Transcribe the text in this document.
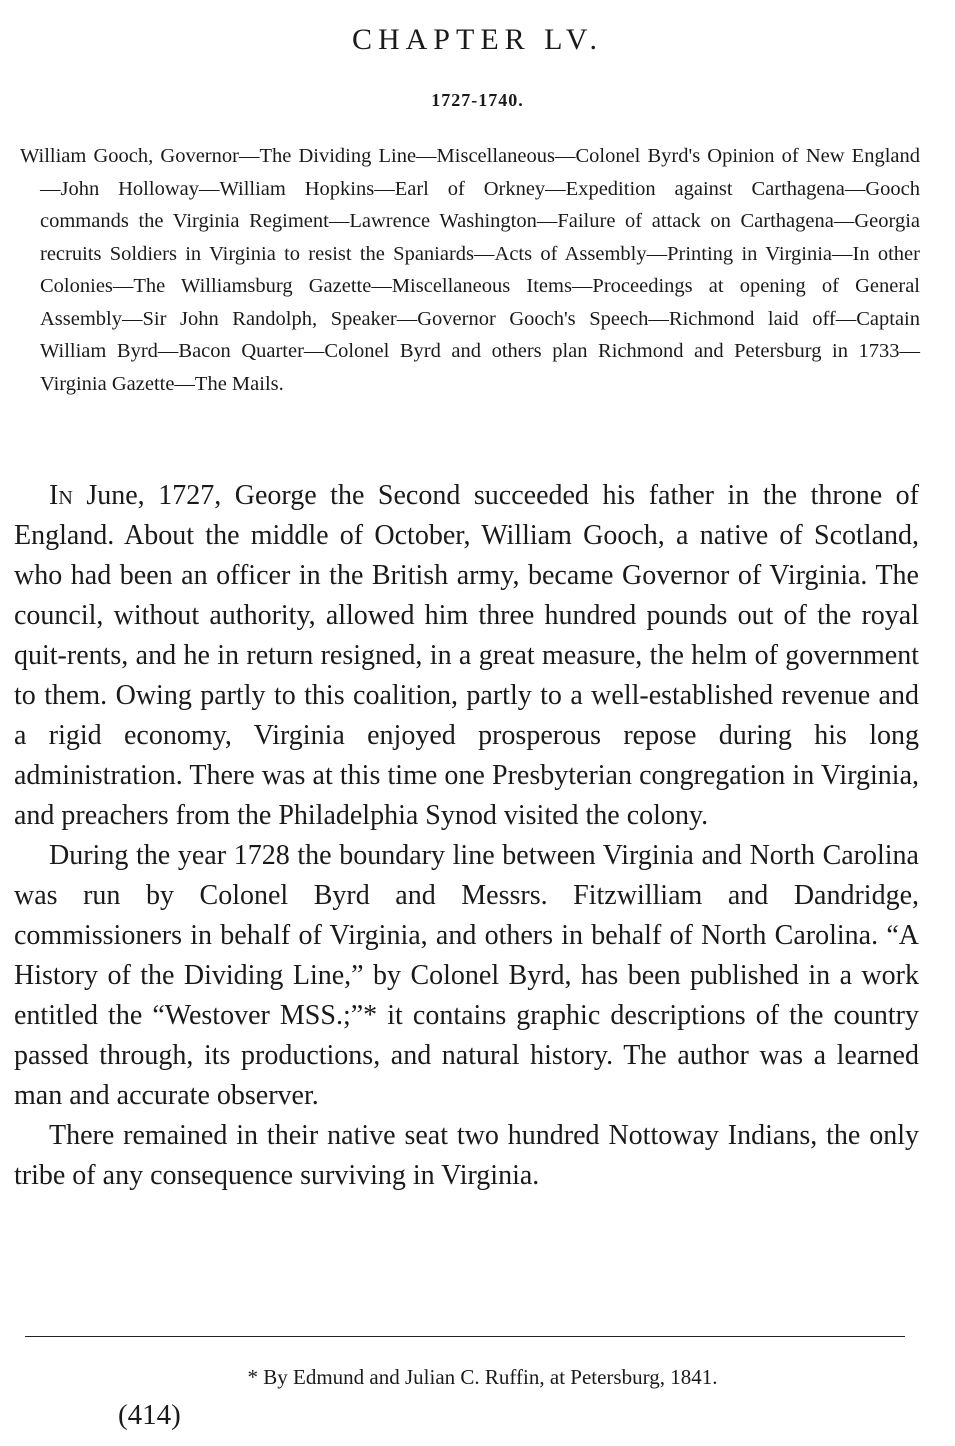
CHAPTER LV.
1727-1740.

William Gooch, Governor—The Dividing Line—Miscellaneous—Colonel Byrd's Opinion of New England—John Holloway—William Hopkins—Earl of Orkney—Expedition against Carthagena—Gooch commands the Virginia Regiment—Lawrence Washington—Failure of attack on Carthagena—Georgia recruits Soldiers in Virginia to resist the Spaniards—Acts of Assembly—Printing in Virginia—In other Colonies—The Williamsburg Gazette—Miscellaneous Items—Proceedings at opening of General Assembly—Sir John Randolph, Speaker—Governor Gooch's Speech—Richmond laid off—Captain William Byrd—Bacon Quarter—Colonel Byrd and others plan Richmond and Petersburg in 1733—Virginia Gazette—The Mails.

In June, 1727, George the Second succeeded his father in the throne of England. About the middle of October, William Gooch, a native of Scotland, who had been an officer in the British army, became Governor of Virginia. The council, without authority, allowed him three hundred pounds out of the royal quit-rents, and he in return resigned, in a great measure, the helm of government to them. Owing partly to this coalition, partly to a well-established revenue and a rigid economy, Virginia enjoyed prosperous repose during his long administration. There was at this time one Presbyterian congregation in Virginia, and preachers from the Philadelphia Synod visited the colony.

During the year 1728 the boundary line between Virginia and North Carolina was run by Colonel Byrd and Messrs. Fitzwilliam and Dandridge, commissioners in behalf of Virginia, and others in behalf of North Carolina. “A History of the Dividing Line,” by Colonel Byrd, has been published in a work entitled the “Westover MSS.;”* it contains graphic descriptions of the country passed through, its productions, and natural history. The author was a learned man and accurate observer.

There remained in their native seat two hundred Nottoway Indians, the only tribe of any consequence surviving in Virginia.

* By Edmund and Julian C. Ruffin, at Petersburg, 1841.
(414)
